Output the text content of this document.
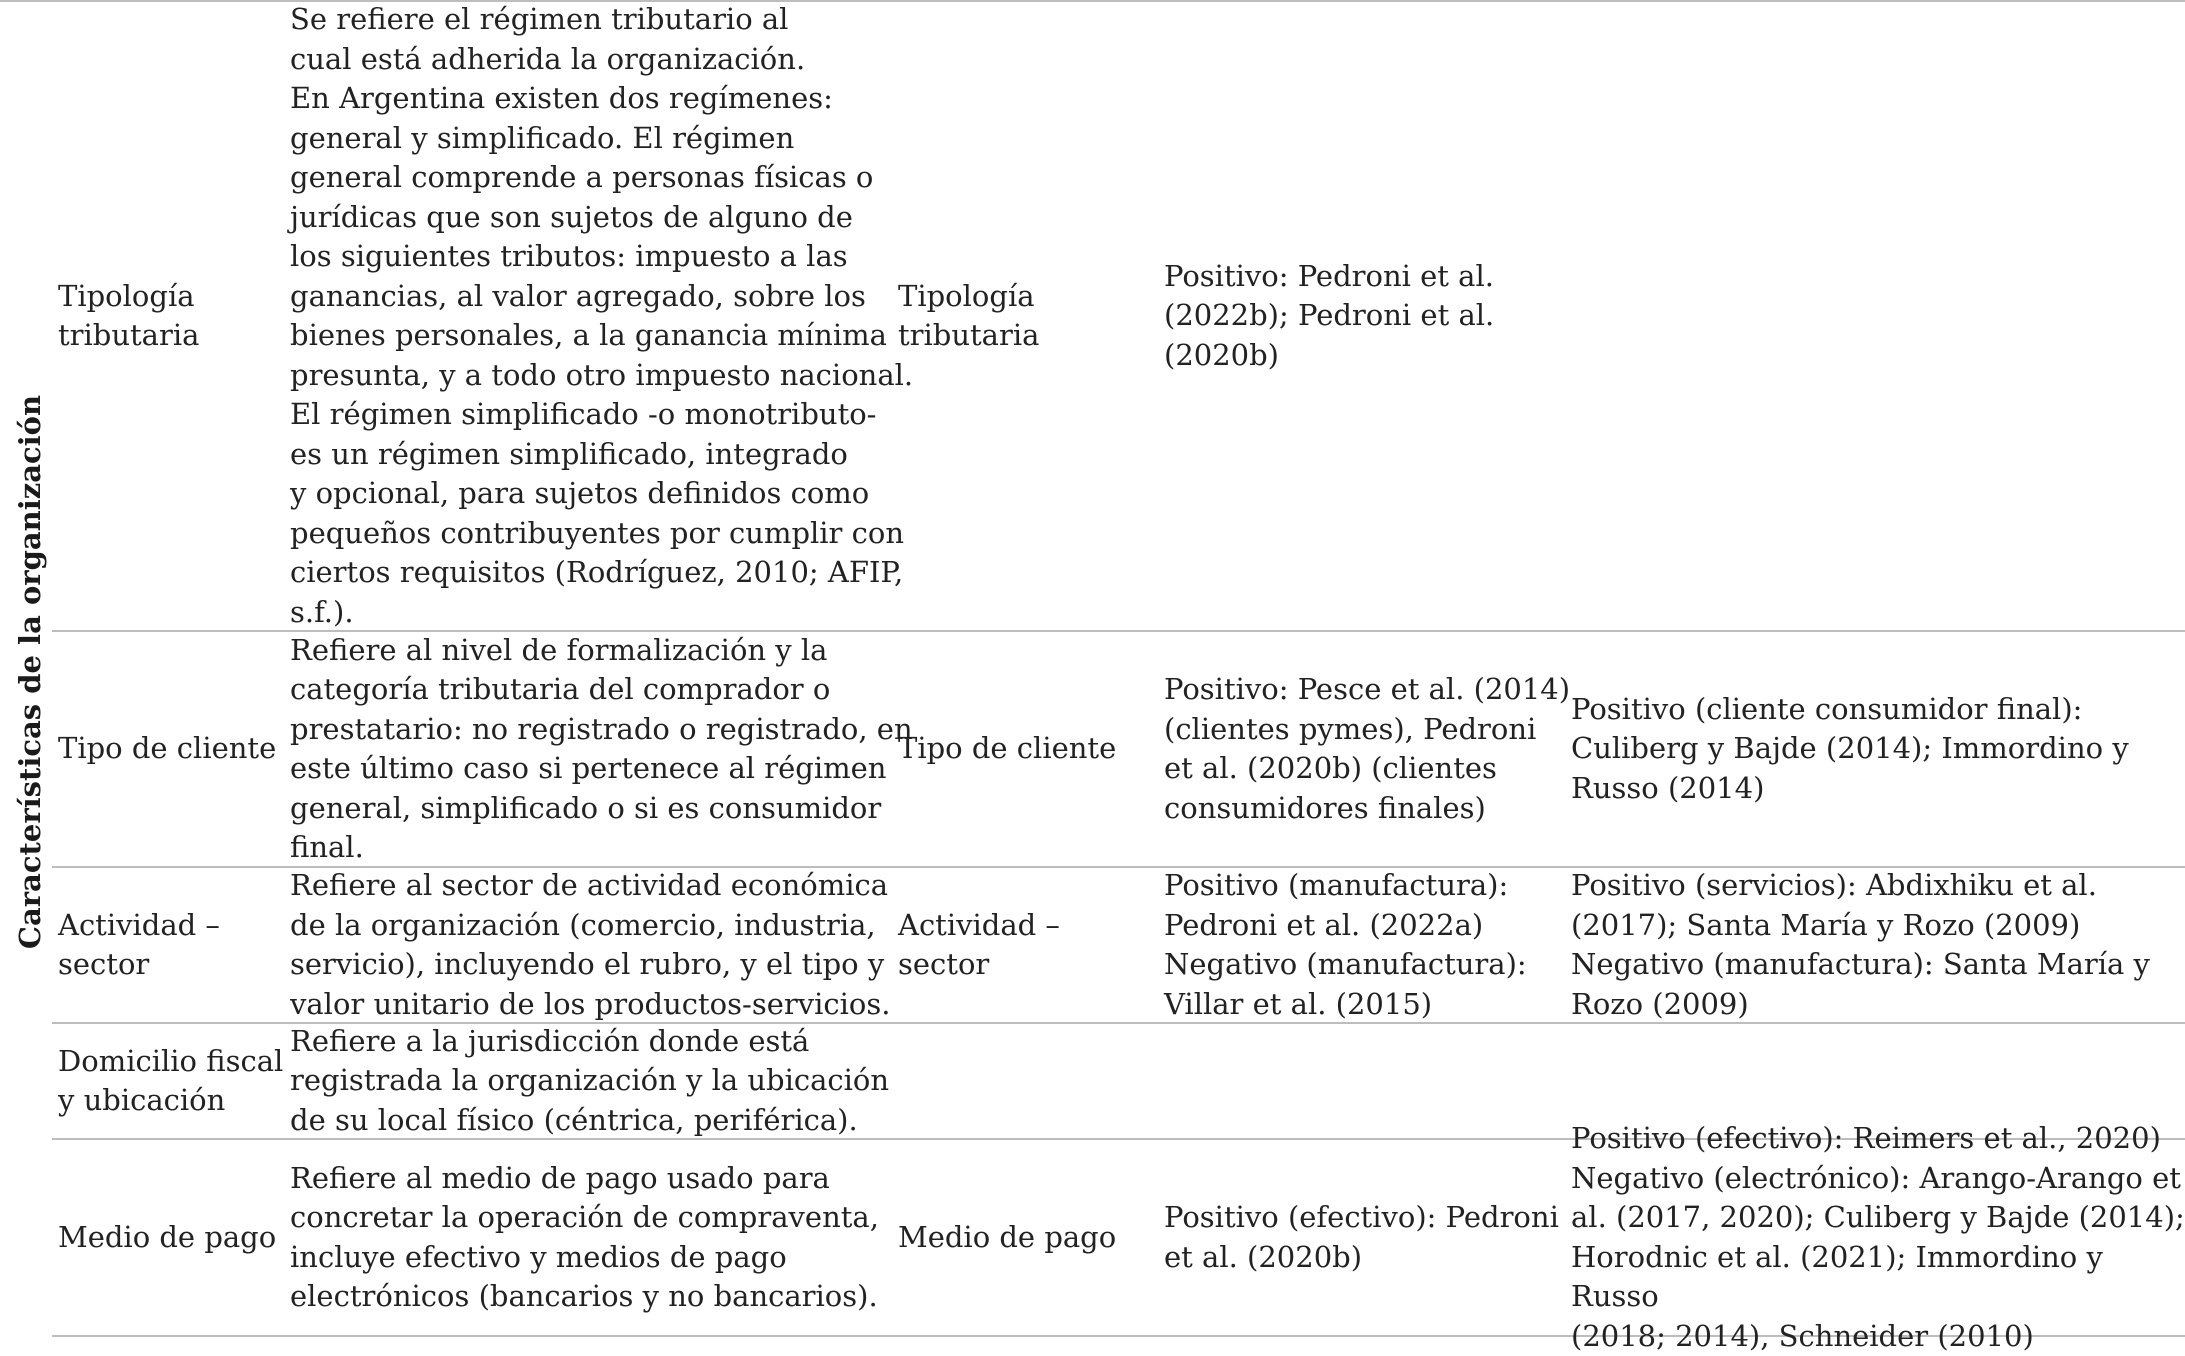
Características de la organización
Tipología tributaria
Se refiere el régimen tributario al
cual está adherida la organización.
En Argentina existen dos regímenes:
general y simplificado. El régimen
general comprende a personas físicas o
jurídicas que son sujetos de alguno de
los siguientes tributos: impuesto a las
ganancias, al valor agregado, sobre los
bienes personales, a la ganancia mínima
presunta, y a todo otro impuesto nacional.
El régimen simplificado -o monotributo-
es un régimen simplificado, integrado
y opcional, para sujetos definidos como
pequeños contribuyentes por cumplir con
ciertos requisitos (Rodríguez, 2010; AFIP,
s.f.).
Tipología
tributaria
Positivo: Pedroni et al.
(2022b); Pedroni et al.
(2020b)
Tipo de cliente
Refiere al nivel de formalización y la
categoría tributaria del comprador o
prestatario: no registrado o registrado, en
este último caso si pertenece al régimen
general, simplificado o si es consumidor
final.
Tipo de cliente
Positivo: Pesce et al. (2014)
(clientes pymes), Pedroni
et al. (2020b) (clientes
consumidores finales)
Positivo (cliente consumidor final):
Culiberg y Bajde (2014); Immordino y
Russo (2014)
Actividad –
sector
Refiere al sector de actividad económica
de la organización (comercio, industria,
servicio), incluyendo el rubro, y el tipo y
valor unitario de los productos-servicios.
Actividad – sector
Positivo (manufactura):
Pedroni et al. (2022a)
Negativo (manufactura):
Villar et al. (2015)
Positivo (servicios): Abdixhiku et al.
(2017); Santa María y Rozo (2009)
Negativo (manufactura): Santa María y
Rozo (2009)
Domicilio fiscal
y ubicación
Refiere a la jurisdicción donde está
registrada la organización y la ubicación
de su local físico (céntrica, periférica).
Medio de pago
Refiere al medio de pago usado para
concretar la operación de compraventa,
incluye efectivo y medios de pago
electrónicos (bancarios y no bancarios).
Medio de pago
Positivo (efectivo): Pedroni
et al. (2020b)
Positivo (efectivo): Reimers et al., 2020)
Negativo (electrónico): Arango-Arango et
al. (2017, 2020); Culiberg y Bajde (2014);
Horodnic et al. (2021); Immordino y Russo
(2018; 2014), Schneider (2010)
